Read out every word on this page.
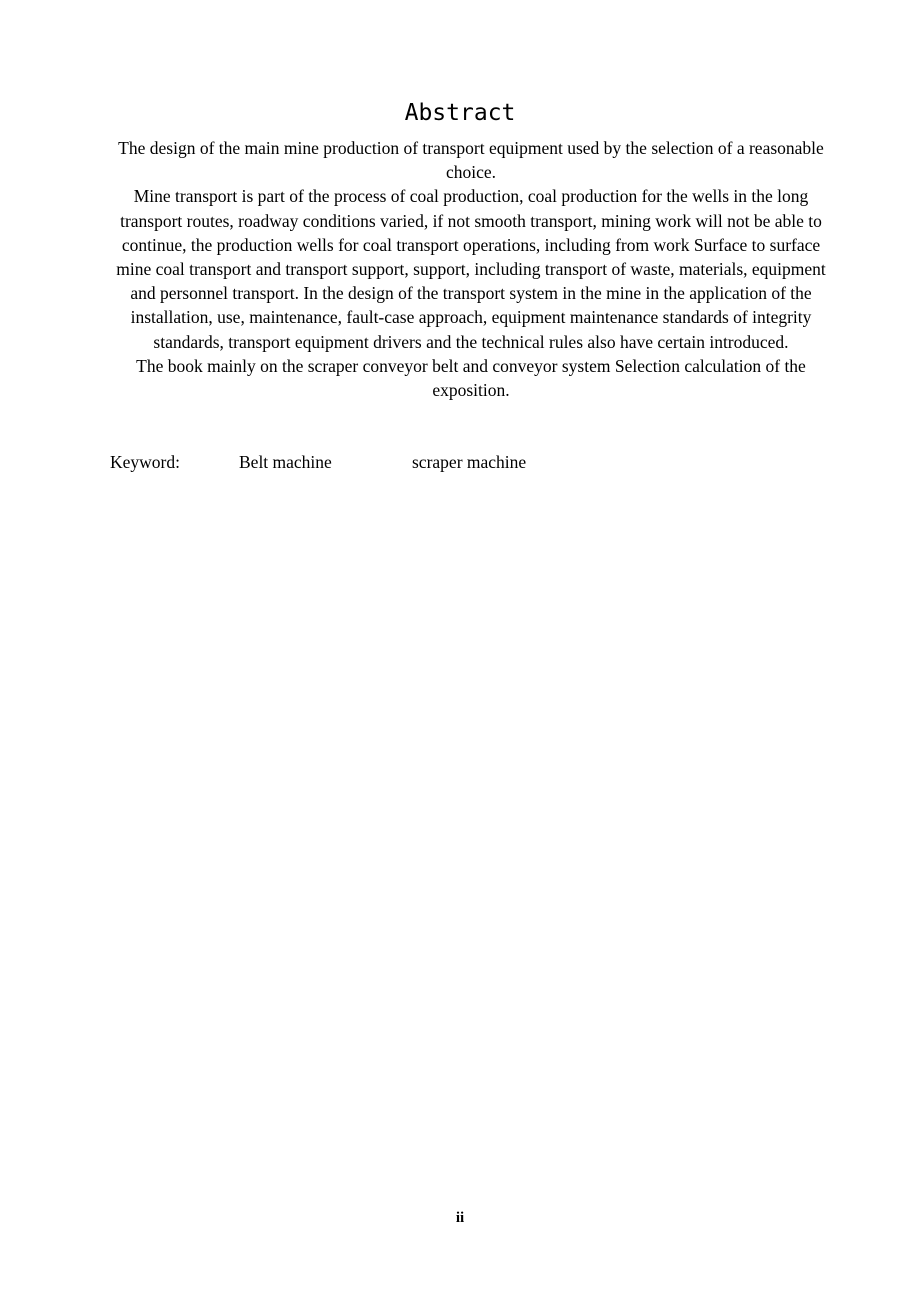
Abstract

The design of the main mine production of transport equipment used by the selection of a reasonable choice.

Mine transport is part of the process of coal production, coal production for the wells in the long transport routes, roadway conditions varied, if not smooth transport, mining work will not be able to continue, the production wells for coal transport operations, including from work Surface to surface mine coal transport and transport support, support, including transport of waste, materials, equipment and personnel transport. In the design of the transport system in the mine in the application of the installation, use, maintenance, fault-case approach, equipment maintenance standards of integrity standards, transport equipment drivers and the technical rules also have certain introduced.

The book mainly on the scraper conveyor belt and conveyor system Selection calculation of the exposition.

Keyword:	Belt machine	scraper machine
ii
